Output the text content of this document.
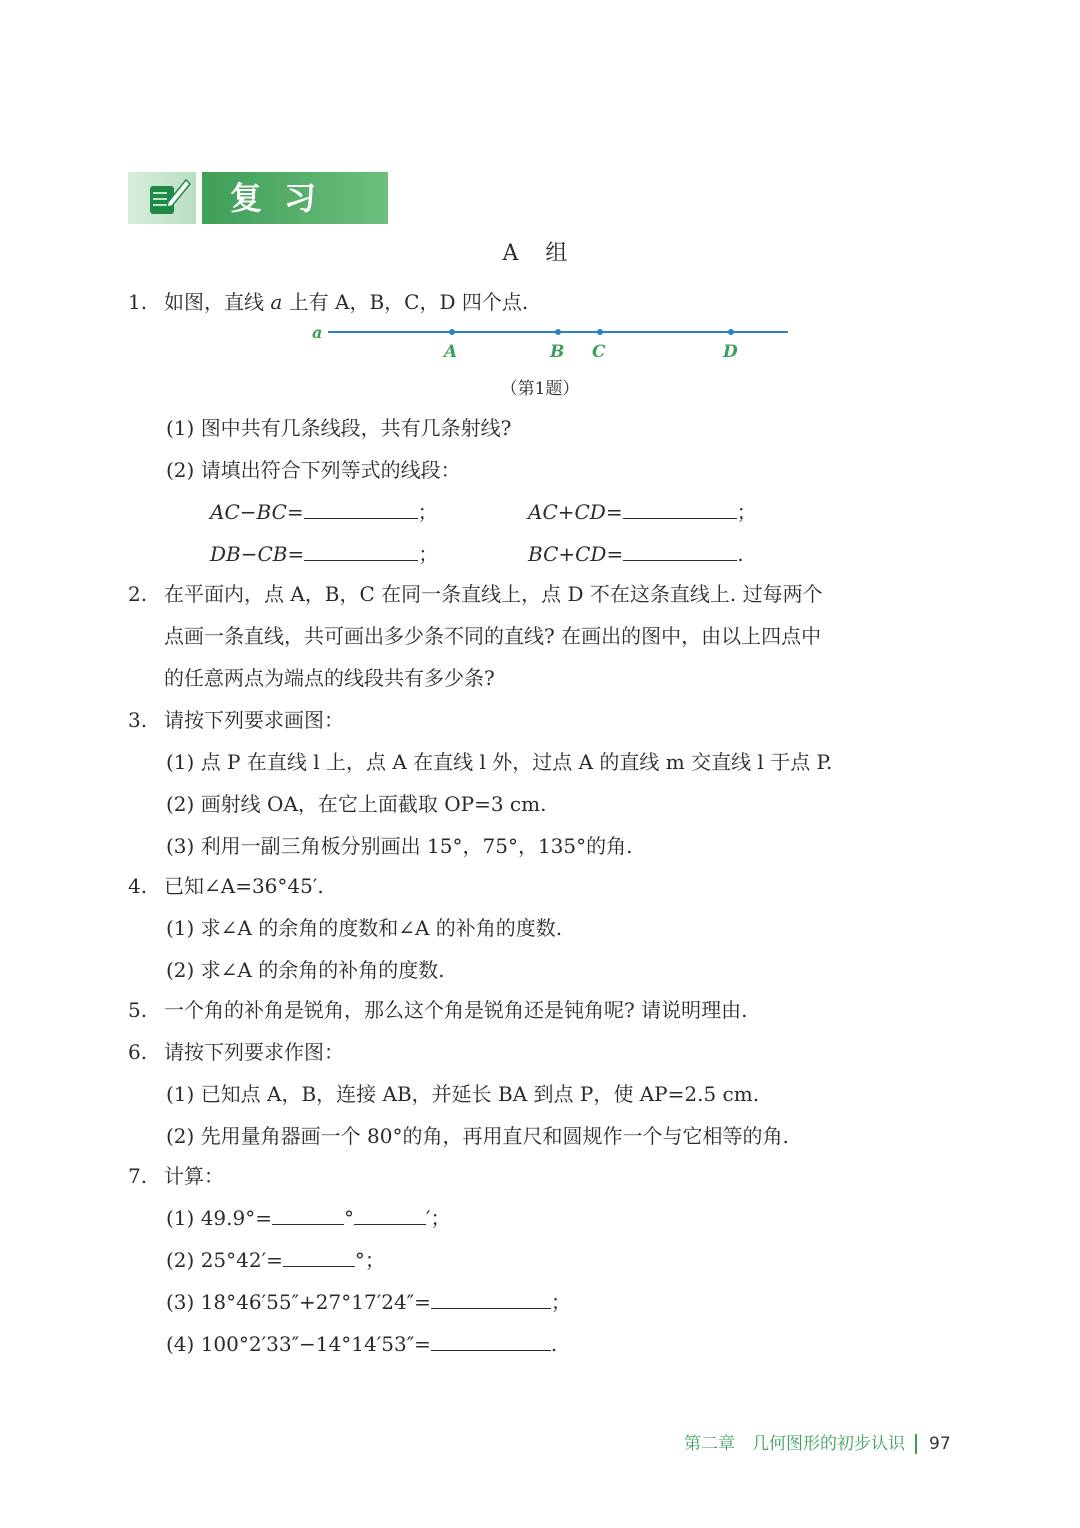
复习题	A 组
1. 如图，直线 a 上有 A，B，C，D 四个点.
a
A	B C	D
（第1题）
(1) 图中共有几条线段，共有几条射线?
(2) 请填出符合下列等式的线段：
AC−BC=	；	AC+CD=	；
DB−CB=	；	BC+CD=	.
2. 在平面内，点 A，B，C 在同一条直线上，点 D 不在这条直线上. 过每两个
点画一条直线，共可画出多少条不同的直线? 在画出的图中，由以上四点中
的任意两点为端点的线段共有多少条?
3. 请按下列要求画图：
(1) 点 P 在直线 l 上，点 A 在直线 l 外，过点 A 的直线 m 交直线 l 于点 P.
(2) 画射线 OA，在它上面截取 OP=3 cm.
(3) 利用一副三角板分别画出 15°，75°，135°的角.
4. 已知∠A=36°45′.
(1) 求∠A 的余角的度数和∠A 的补角的度数.
(2) 求∠A 的余角的补角的度数.
5. 一个角的补角是锐角，那么这个角是锐角还是钝角呢? 请说明理由.
6. 请按下列要求作图：
(1) 已知点 A，B，连接 AB，并延长 BA 到点 P，使 AP=2.5 cm.
(2) 先用量角器画一个 80°的角，再用直尺和圆规作一个与它相等的角.
7. 计算：
(1) 49.9°=	°	′；
(2) 25°42′=	°；
(3) 18°46′55″+27°17′24″=	；
(4) 100°2′33″−14°14′53″=	.
第二章　几何图形的初步认识 97
